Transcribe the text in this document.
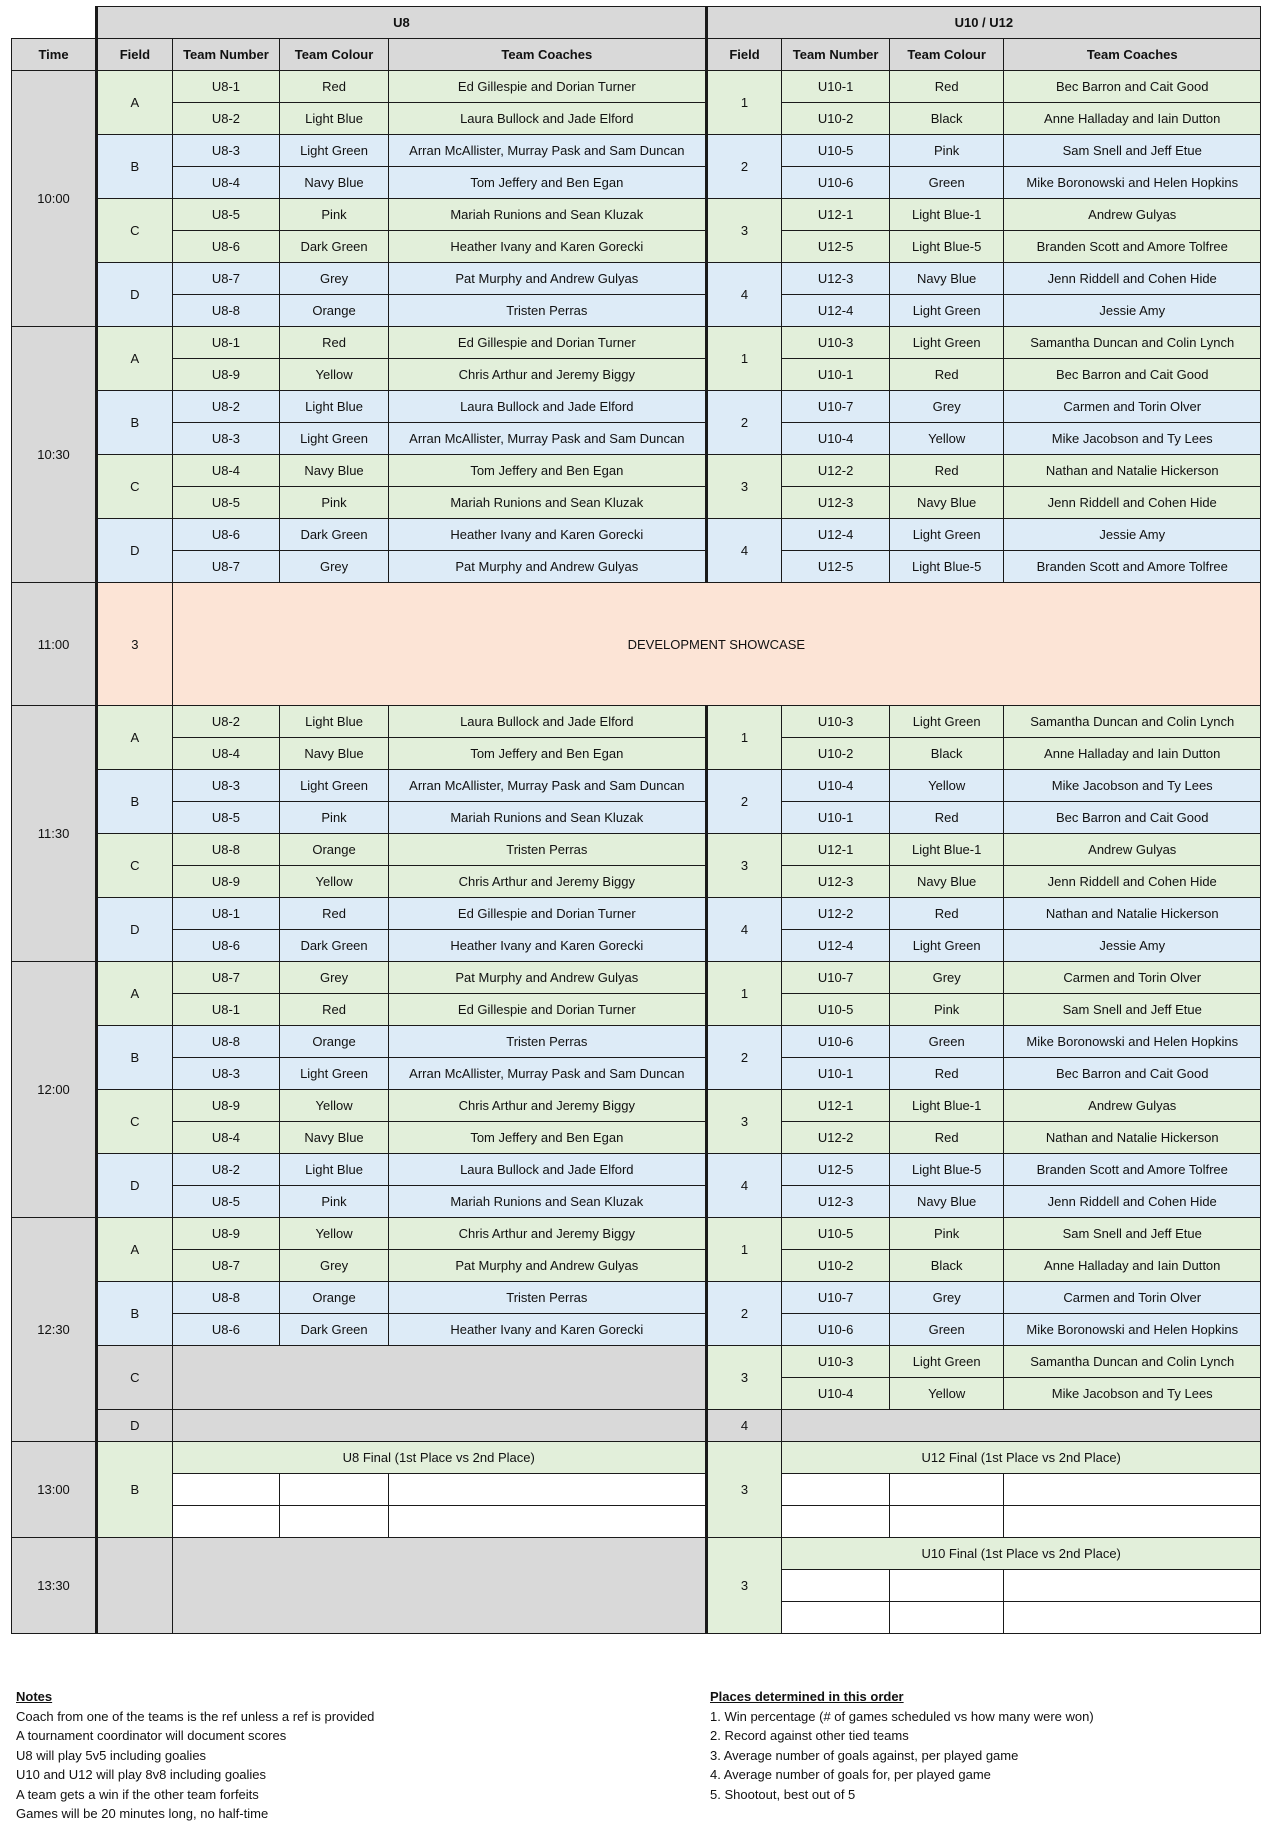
	U8				U10 / U12			
Time	Field	Team Number	Team Colour	Team Coaches	Field	Team Number	Team Colour	Team Coaches
10:00	A	U8-1	Red	Ed Gillespie and Dorian Turner	1	U10-1	Red	Bec Barron and Cait Good
		U8-2	Light Blue	Laura Bullock and Jade Elford		U10-2	Black	Anne Halladay and Iain Dutton
	B	U8-3	Light Green	Arran McAllister, Murray Pask and Sam Duncan	2	U10-5	Pink	Sam Snell and Jeff Etue
		U8-4	Navy Blue	Tom Jeffery and Ben Egan		U10-6	Green	Mike Boronowski and Helen Hopkins
	C	U8-5	Pink	Mariah Runions and Sean Kluzak	3	U12-1	Light Blue-1	Andrew Gulyas
		U8-6	Dark Green	Heather Ivany and Karen Gorecki		U12-5	Light Blue-5	Branden Scott and Amore Tolfree
	D	U8-7	Grey	Pat Murphy and Andrew Gulyas	4	U12-3	Navy Blue	Jenn Riddell and Cohen Hide
		U8-8	Orange	Tristen Perras		U12-4	Light Green	Jessie Amy
10:30	A	U8-1	Red	Ed Gillespie and Dorian Turner	1	U10-3	Light Green	Samantha Duncan and Colin Lynch
		U8-9	Yellow	Chris Arthur and Jeremy Biggy		U10-1	Red	Bec Barron and Cait Good
	B	U8-2	Light Blue	Laura Bullock and Jade Elford	2	U10-7	Grey	Carmen and Torin Olver
		U8-3	Light Green	Arran McAllister, Murray Pask and Sam Duncan		U10-4	Yellow	Mike Jacobson and Ty Lees
	C	U8-4	Navy Blue	Tom Jeffery and Ben Egan	3	U12-2	Red	Nathan and Natalie Hickerson
		U8-5	Pink	Mariah Runions and Sean Kluzak		U12-3	Navy Blue	Jenn Riddell and Cohen Hide
	D	U8-6	Dark Green	Heather Ivany and Karen Gorecki	4	U12-4	Light Green	Jessie Amy
		U8-7	Grey	Pat Murphy and Andrew Gulyas		U12-5	Light Blue-5	Branden Scott and Amore Tolfree
11:00	3	DEVELOPMENT SHOWCASE						
11:30	A	U8-2	Light Blue	Laura Bullock and Jade Elford	1	U10-3	Light Green	Samantha Duncan and Colin Lynch
		U8-4	Navy Blue	Tom Jeffery and Ben Egan		U10-2	Black	Anne Halladay and Iain Dutton
	B	U8-3	Light Green	Arran McAllister, Murray Pask and Sam Duncan	2	U10-4	Yellow	Mike Jacobson and Ty Lees
		U8-5	Pink	Mariah Runions and Sean Kluzak		U10-1	Red	Bec Barron and Cait Good
	C	U8-8	Orange	Tristen Perras	3	U12-1	Light Blue-1	Andrew Gulyas
		U8-9	Yellow	Chris Arthur and Jeremy Biggy		U12-3	Navy Blue	Jenn Riddell and Cohen Hide
	D	U8-1	Red	Ed Gillespie and Dorian Turner	4	U12-2	Red	Nathan and Natalie Hickerson
		U8-6	Dark Green	Heather Ivany and Karen Gorecki		U12-4	Light Green	Jessie Amy
12:00	A	U8-7	Grey	Pat Murphy and Andrew Gulyas	1	U10-7	Grey	Carmen and Torin Olver
		U8-1	Red	Ed Gillespie and Dorian Turner		U10-5	Pink	Sam Snell and Jeff Etue
	B	U8-8	Orange	Tristen Perras	2	U10-6	Green	Mike Boronowski and Helen Hopkins
		U8-3	Light Green	Arran McAllister, Murray Pask and Sam Duncan		U10-1	Red	Bec Barron and Cait Good
	C	U8-9	Yellow	Chris Arthur and Jeremy Biggy	3	U12-1	Light Blue-1	Andrew Gulyas
		U8-4	Navy Blue	Tom Jeffery and Ben Egan		U12-2	Red	Nathan and Natalie Hickerson
	D	U8-2	Light Blue	Laura Bullock and Jade Elford	4	U12-5	Light Blue-5	Branden Scott and Amore Tolfree
		U8-5	Pink	Mariah Runions and Sean Kluzak		U12-3	Navy Blue	Jenn Riddell and Cohen Hide
12:30	A	U8-9	Yellow	Chris Arthur and Jeremy Biggy	1	U10-5	Pink	Sam Snell and Jeff Etue
		U8-7	Grey	Pat Murphy and Andrew Gulyas		U10-2	Black	Anne Halladay and Iain Dutton
	B	U8-8	Orange	Tristen Perras	2	U10-7	Grey	Carmen and Torin Olver
		U8-6	Dark Green	Heather Ivany and Karen Gorecki		U10-6	Green	Mike Boronowski and Helen Hopkins
	C				3	U10-3	Light Green	Samantha Duncan and Colin Lynch
						U10-4	Yellow	Mike Jacobson and Ty Lees
	D				4			

13:00	B	U8 Final (1st Place vs 2nd Place)			3	U12 Final (1st Place vs 2nd Place)		

13:30					3	U10 Final (1st Place vs 2nd Place)		

Notes
Coach from one of the teams is the ref unless a ref is provided
A tournament coordinator will document scores
U8 will play 5v5 including goalies
U10 and U12 will play 8v8 including goalies
A team gets a win if the other team forfeits
Games will be 20 minutes long, no half-time
Places determined in this order
1. Win percentage (# of games scheduled vs how many were won)
2. Record against other tied teams
3. Average number of goals against, per played game
4. Average number of goals for, per played game
5. Shootout, best out of 5
